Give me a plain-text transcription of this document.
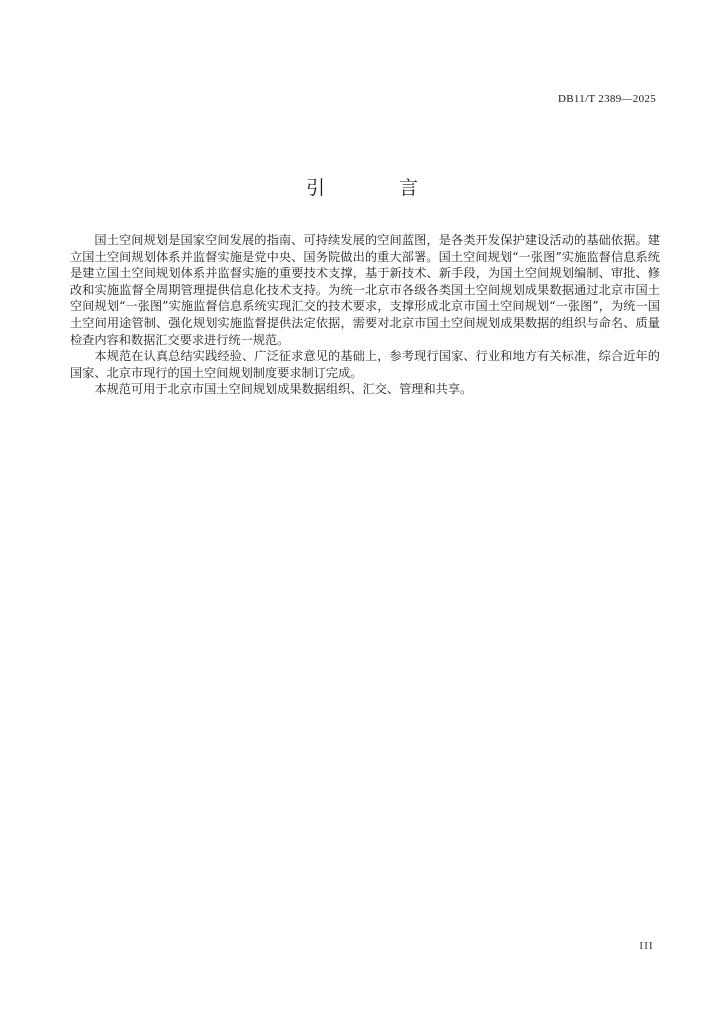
DB11/T 2389—2025
引 言

国土空间规划是国家空间发展的指南、可持续发展的空间蓝图，是各类开发保护建设活动的基础依据。建立国土空间规划体系并监督实施是党中央、国务院做出的重大部署。国土空间规划“一张图”实施监督信息系统是建立国土空间规划体系并监督实施的重要技术支撑，基于新技术、新手段，为国土空间规划编制、审批、修改和实施监督全周期管理提供信息化技术支持。为统一北京市各级各类国土空间规划成果数据通过北京市国土空间规划“一张图”实施监督信息系统实现汇交的技术要求，支撑形成北京市国土空间规划“一张图”，为统一国土空间用途管制、强化规划实施监督提供法定依据，需要对北京市国土空间规划成果数据的组织与命名、质量检查内容和数据汇交要求进行统一规范。

本规范在认真总结实践经验、广泛征求意见的基础上，参考现行国家、行业和地方有关标准，综合近年的国家、北京市现行的国土空间规划制度要求制订完成。

本规范可用于北京市国土空间规划成果数据组织、汇交、管理和共享。

III
